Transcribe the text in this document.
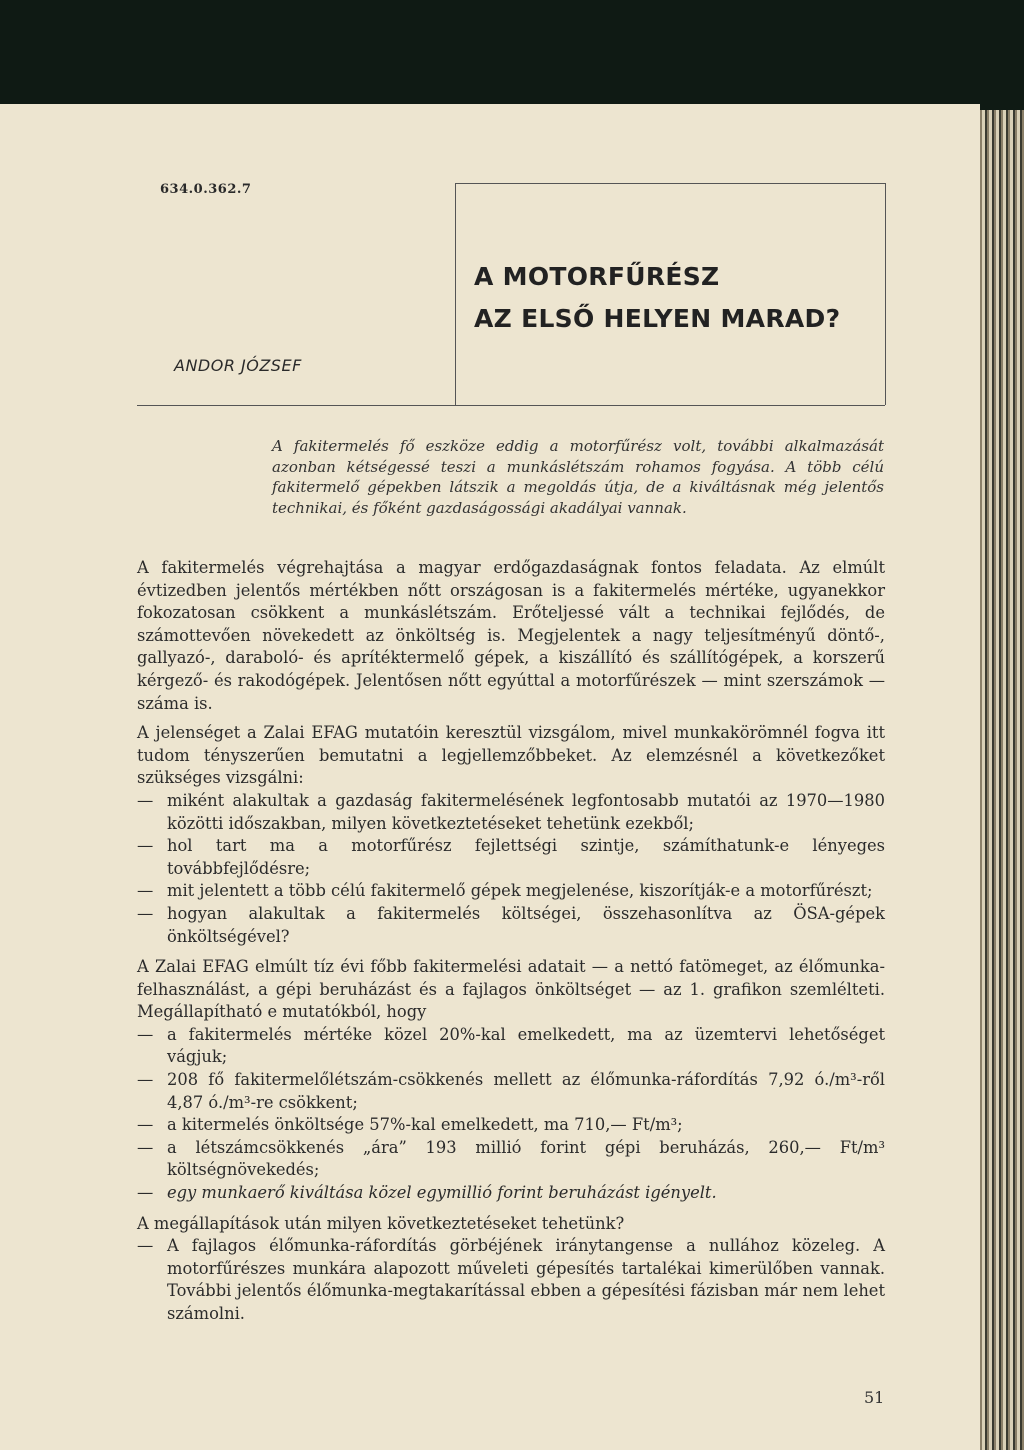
634.0.362.7
A MOTORFŰRÉSZ
AZ ELSŐ HELYEN MARAD?
ANDOR JÓZSEF
A fakitermelés fő eszköze eddig a motorfűrész volt, további alkalmazását azonban kétségessé teszi a munkáslétszám rohamos fogyása. A több célú fakitermelő gépekben látszik a megoldás útja, de a kiváltásnak még jelentős technikai, és főként gazdaságossági akadályai vannak.

A fakitermelés végrehajtása a magyar erdőgazdaságnak fontos feladata. Az elmúlt évtizedben jelentős mértékben nőtt országosan is a fakitermelés mértéke, ugyanekkor fokozatosan csökkent a munkáslétszám. Erőteljessé vált a technikai fejlődés, de számottevően növekedett az önköltség is. Megjelentek a nagy teljesítményű döntő-, gallyazó-, daraboló- és aprítéktermelő gépek, a kiszállító és szállítógépek, a korszerű kérgező- és rakodógépek. Jelentősen nőtt egyúttal a motorfűrészek — mint szerszámok — száma is.

A jelenséget a Zalai EFAG mutatóin keresztül vizsgálom, mivel munkakörömnél fogva itt tudom tényszerűen bemutatni a legjellemzőbbeket. Az elemzésnél a következőket szükséges vizsgálni:

— miként alakultak a gazdaság fakitermelésének legfontosabb mutatói az 1970—1980 közötti időszakban, milyen következtetéseket tehetünk ezekből;
— hol tart ma a motorfűrész fejlettségi szintje, számíthatunk-e lényeges továbbfejlődésre;
— mit jelentett a több célú fakitermelő gépek megjelenése, kiszorítják-e a motorfűrészt;
— hogyan alakultak a fakitermelés költségei, összehasonlítva az ÖSA-gépek önköltségével?

A Zalai EFAG elmúlt tíz évi főbb fakitermelési adatait — a nettó fatömeget, az élőmunka-felhasználást, a gépi beruházást és a fajlagos önköltséget — az 1. grafikon szemlélteti. Megállapítható e mutatókból, hogy

— a fakitermelés mértéke közel 20%-kal emelkedett, ma az üzemtervi lehetőséget vágjuk;
— 208 fő fakitermelőlétszám-csökkenés mellett az élőmunka-ráfordítás 7,92 ó./m³-ről 4,87 ó./m³-re csökkent;
— a kitermelés önköltsége 57%-kal emelkedett, ma 710,— Ft/m³;
— a létszámcsökkenés „ára” 193 millió forint gépi beruházás, 260,— Ft/m³ költségnövekedés;
— egy munkaerő kiváltása közel egymillió forint beruházást igényelt.

A megállapítások után milyen következtetéseket tehetünk?

— A fajlagos élőmunka-ráfordítás görbéjének iránytangense a nullához közeleg. A motorfűrészes munkára alapozott műveleti gépesítés tartalékai kimerülőben vannak. További jelentős élőmunka-megtakarítással ebben a gépesítési fázisban már nem lehet számolni.
51
